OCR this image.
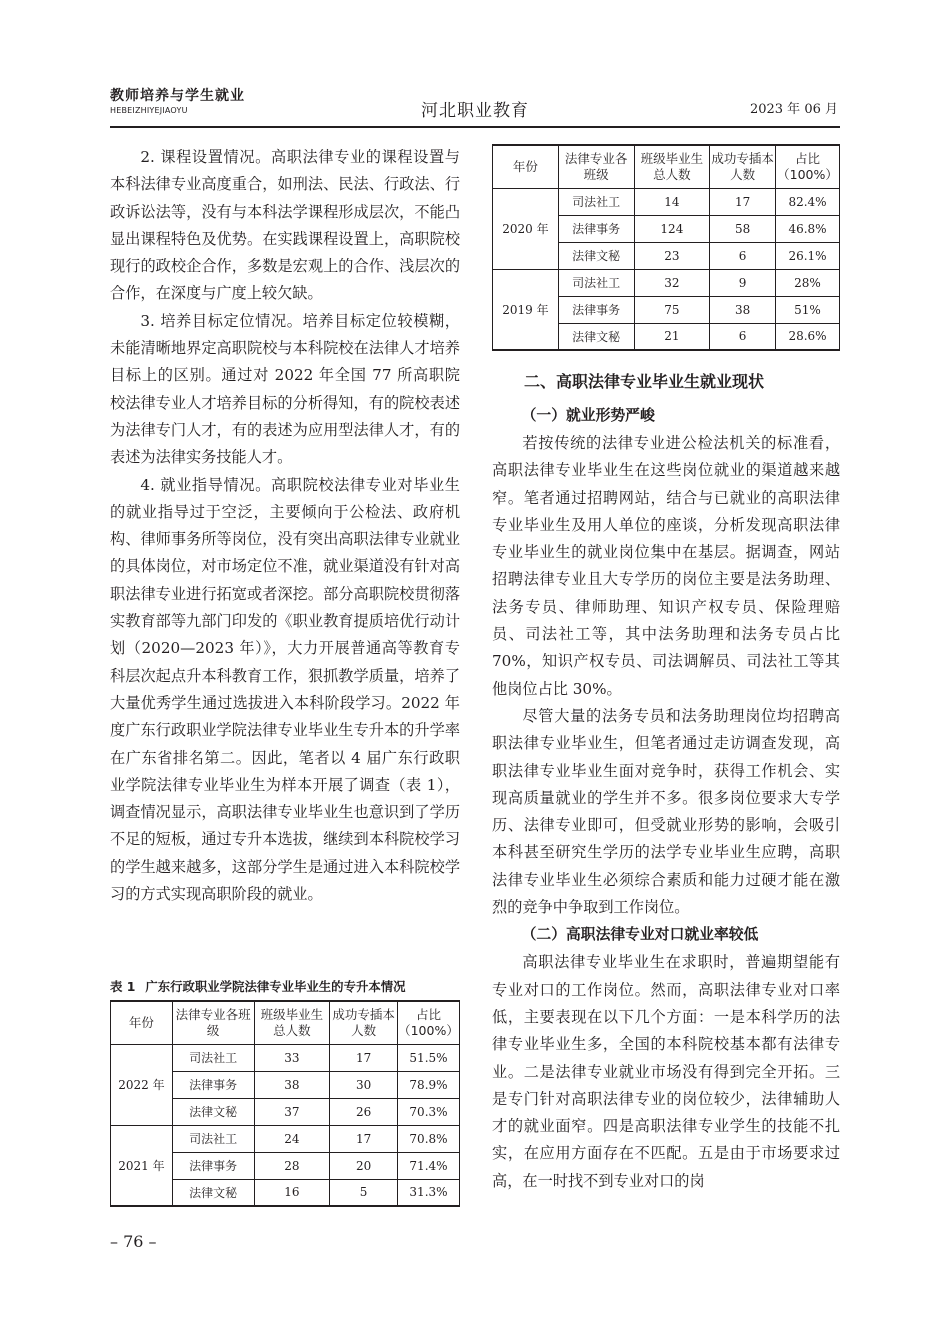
教师培养与学生就业
HEBEIZHIYEJIAOYU	河北职业教育	2023 年 06 月

2. 课程设置情况。高职法律专业的课程设置与本科法律专业高度重合，如刑法、民法、行政法、行政诉讼法等，没有与本科法学课程形成层次，不能凸显出课程特色及优势。在实践课程设置上，高职院校现行的政校企合作，多数是宏观上的合作、浅层次的合作，在深度与广度上较欠缺。

3. 培养目标定位情况。培养目标定位较模糊，未能清晰地界定高职院校与本科院校在法律人才培养目标上的区别。通过对 2022 年全国 77 所高职院校法律专业人才培养目标的分析得知，有的院校表述为法律专门人才，有的表述为应用型法律人才，有的表述为法律实务技能人才。

4. 就业指导情况。高职院校法律专业对毕业生的就业指导过于空泛，主要倾向于公检法、政府机构、律师事务所等岗位，没有突出高职法律专业就业的具体岗位，对市场定位不准，就业渠道没有针对高职法律专业进行拓宽或者深挖。部分高职院校贯彻落实教育部等九部门印发的《职业教育提质培优行动计划（2020—2023 年）》，大力开展普通高等教育专科层次起点升本科教育工作，狠抓教学质量，培养了大量优秀学生通过选拔进入本科阶段学习。2022 年度广东行政职业学院法律专业毕业生专升本的升学率在广东省排名第二。因此，笔者以 4 届广东行政职业学院法律专业毕业生为样本开展了调查（表 1），调查情况显示，高职法律专业毕业生也意识到了学历不足的短板，通过专升本选拔，继续到本科院校学习的学生越来越多，这部分学生是通过进入本科院校学习的方式实现高职阶段的就业。

表 1 广东行政职业学院法律专业毕业生的专升本情况
年份	法律专业各班级	班级毕业生总人数	成功专插本人数	占比（100%）
2022 年	司法社工	33	17	51.5%
	法律事务	38	30	78.9%
	法律文秘	37	26	70.3%
2021 年	司法社工	24	17	70.8%
	法律事务	28	20	71.4%
	法律文秘	16	5	31.3%
年份	法律专业各班级	班级毕业生总人数	成功专插本人数	占比（100%）
2020 年	司法社工	14	17	82.4%
	法律事务	124	58	46.8%
	法律文秘	23	6	26.1%
2019 年	司法社工	32	9	28%
	法律事务	75	38	51%
	法律文秘	21	6	28.6%

二、高职法律专业毕业生就业现状

（一）就业形势严峻

若按传统的法律专业进公检法机关的标准看，高职法律专业毕业生在这些岗位就业的渠道越来越窄。笔者通过招聘网站，结合与已就业的高职法律专业毕业生及用人单位的座谈，分析发现高职法律专业毕业生的就业岗位集中在基层。据调查，网站招聘法律专业且大专学历的岗位主要是法务助理、法务专员、律师助理、知识产权专员、保险理赔员、司法社工等，其中法务助理和法务专员占比 70%，知识产权专员、司法调解员、司法社工等其他岗位占比 30%。

尽管大量的法务专员和法务助理岗位均招聘高职法律专业毕业生，但笔者通过走访调查发现，高职法律专业毕业生面对竞争时，获得工作机会、实现高质量就业的学生并不多。很多岗位要求大专学历、法律专业即可，但受就业形势的影响，会吸引本科甚至研究生学历的法学专业毕业生应聘，高职法律专业毕业生必须综合素质和能力过硬才能在激烈的竞争中争取到工作岗位。

（二）高职法律专业对口就业率较低

高职法律专业毕业生在求职时，普遍期望能有专业对口的工作岗位。然而，高职法律专业对口率低，主要表现在以下几个方面：一是本科学历的法律专业毕业生多，全国的本科院校基本都有法律专业。二是法律专业就业市场没有得到完全开拓。三是专门针对高职法律专业的岗位较少，法律辅助人才的就业面窄。四是高职法律专业学生的技能不扎实，在应用方面存在不匹配。五是由于市场要求过高，在一时找不到专业对口的岗

– 76 –
